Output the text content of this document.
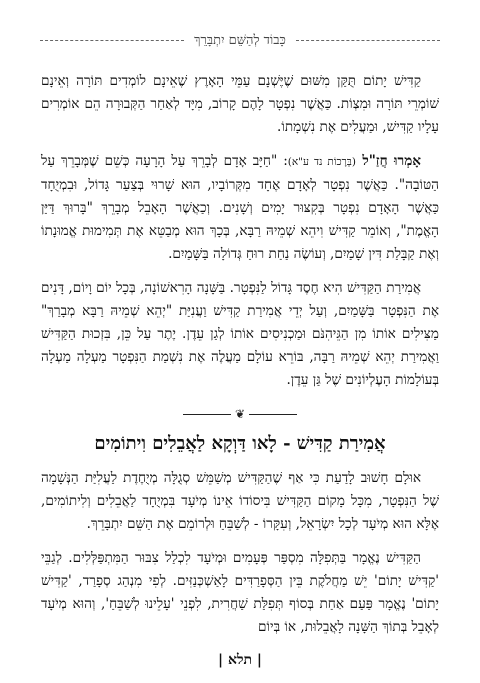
כָּבוֹד לְהַשֵּׁם יִתְבָּרֵךְ

קַדִּישׁ יָתוֹם תֻּקַּן מִשּׁוּם שֶׁיֶּשְׁנָם עַמֵּי הָאָרֶץ שֶׁאֵינָם לוֹמְדִים תּוֹרָה וְאֵינָם שׁוֹמְרֵי תּוֹרָה וּמִצְוֹת. כַּאֲשֶׁר נִפְטָר לָהֶם קָרוֹב, מִיָּד לְאַחַר הַקְּבוּרָה הֵם אוֹמְרִים עָלָיו קַדִּישׁ, וּמַעֲלִים אֶת נִשְׁמָתוֹ.

אָמְרוּ חֲזַ"ל (בְּרָכוֹת נד ע"א): "חַיָּב אָדָם לְבָרֵךְ עַל הָרָעָה כְּשֵׁם שֶׁמְּבָרֵךְ עַל הַטּוֹבָה". כַּאֲשֶׁר נִפְטָר לְאָדָם אֶחָד מִקְּרוֹבָיו, הוּא שָׁרוּי בְּצַעַר גָּדוֹל, וּבִמְיֻחָד כַּאֲשֶׁר הָאָדָם נִפְטָר בְּקִצּוּר יָמִים וְשָׁנִים. וְכַאֲשֶׁר הָאָבֵל מְבָרֵךְ "בָּרוּךְ דַּיַּן הָאֱמֶת", וְאוֹמֵר קַדִּישׁ וִיהֵא שְׁמֵיהּ רַבָּא, בְּכָךְ הוּא מְבַטֵּא אֶת תְּמִימוּת אֱמוּנָתוֹ וְאֶת קַבָּלַת דִּין שָׁמַיִם, וְעוֹשֶׂה נַחַת רוּחַ גְּדוֹלָה בַּשָּׁמַיִם.

אֲמִירַת הַקַּדִּישׁ הִיא חֶסֶד גָּדוֹל לַנִּפְטָר. בַּשָּׁנָה הָרִאשׁוֹנָה, בְּכָל יוֹם וָיוֹם, דָּנִים אֶת הַנִּפְטָר בַּשָּׁמַיִם, וְעַל יְדֵי אֲמִירַת קַדִּישׁ וַעֲנִיַּת "יְהֵא שְׁמֵיהּ רַבָּא מְבָרַךְ" מַצִּילִים אוֹתוֹ מִן הַגֵּיהִנֹּם וּמַכְנִיסִים אוֹתוֹ לְגַן עֵדֶן. יֶתֶר עַל כֵּן, בִּזְכוּת הַקַּדִּישׁ וַאֲמִירַת יְהֵא שְׁמֵיהּ רַבָּה, בּוֹרֵא עוֹלָם מַעֲלֶה אֶת נִשְׁמַת הַנִּפְטָר מַעְלָה מַעְלָה בְּעוֹלָמוֹת הָעֶלְיוֹנִים שֶׁל גַּן עֵדֶן.

❦
אֲמִירַת קַדִּישׁ - לָאו דַּוְקָא לַאֲבֵלִים וִיתוֹמִים

אוּלָם חָשׁוּב לָדַעַת כִּי אַף שֶׁהַקַּדִּישׁ מְשַׁמֵּשׁ סְגֻלָּה מְיֻחֶדֶת לַעֲלִיַּת הַנְּשָׁמָה שֶׁל הַנִּפְטָר, מִכָּל מָקוֹם הַקַּדִּישׁ בִּיסוֹדוֹ אֵינוֹ מְיֹעָד בִּמְיֻחָד לַאֲבֵלִים וְלִיתוֹמִים, אֶלָּא הוּא מְיֹעָד לְכָל יִשְׂרָאֵל, וְעִקָּרוֹ - לְשַׁבֵּחַ וּלְרוֹמֵם אֶת הַשֵּׁם יִתְבָּרֵךְ.

הַקַּדִּישׁ נֶאֱמָר בַּתְּפִלָּה מִסְפַּר פְּעָמִים וּמְיֹעָד לִכְלַל צִבּוּר הַמִּתְפַּלְּלִים. לְגַבֵּי 'קַדִּישׁ יָתוֹם' יֵשׁ מַחֲלֹקֶת בֵּין הַסְּפָרַדִּים לָאַשְׁכְּנַזִּים. לְפִי מִנְהַג סְפָרַד, 'קַדִּישׁ יָתוֹם' נֶאֱמָר פַּעַם אַחַת בְּסוֹף תְּפִלַּת שַׁחֲרִית, לִפְנֵי 'עָלֵינוּ לְשַׁבֵּחַ', וְהוּא מְיֹעָד לְאָבֵל בְּתוֹךְ הַשָּׁנָה לָאֲבֵלוּת, אוֹ בְּיוֹם

| תלא |
